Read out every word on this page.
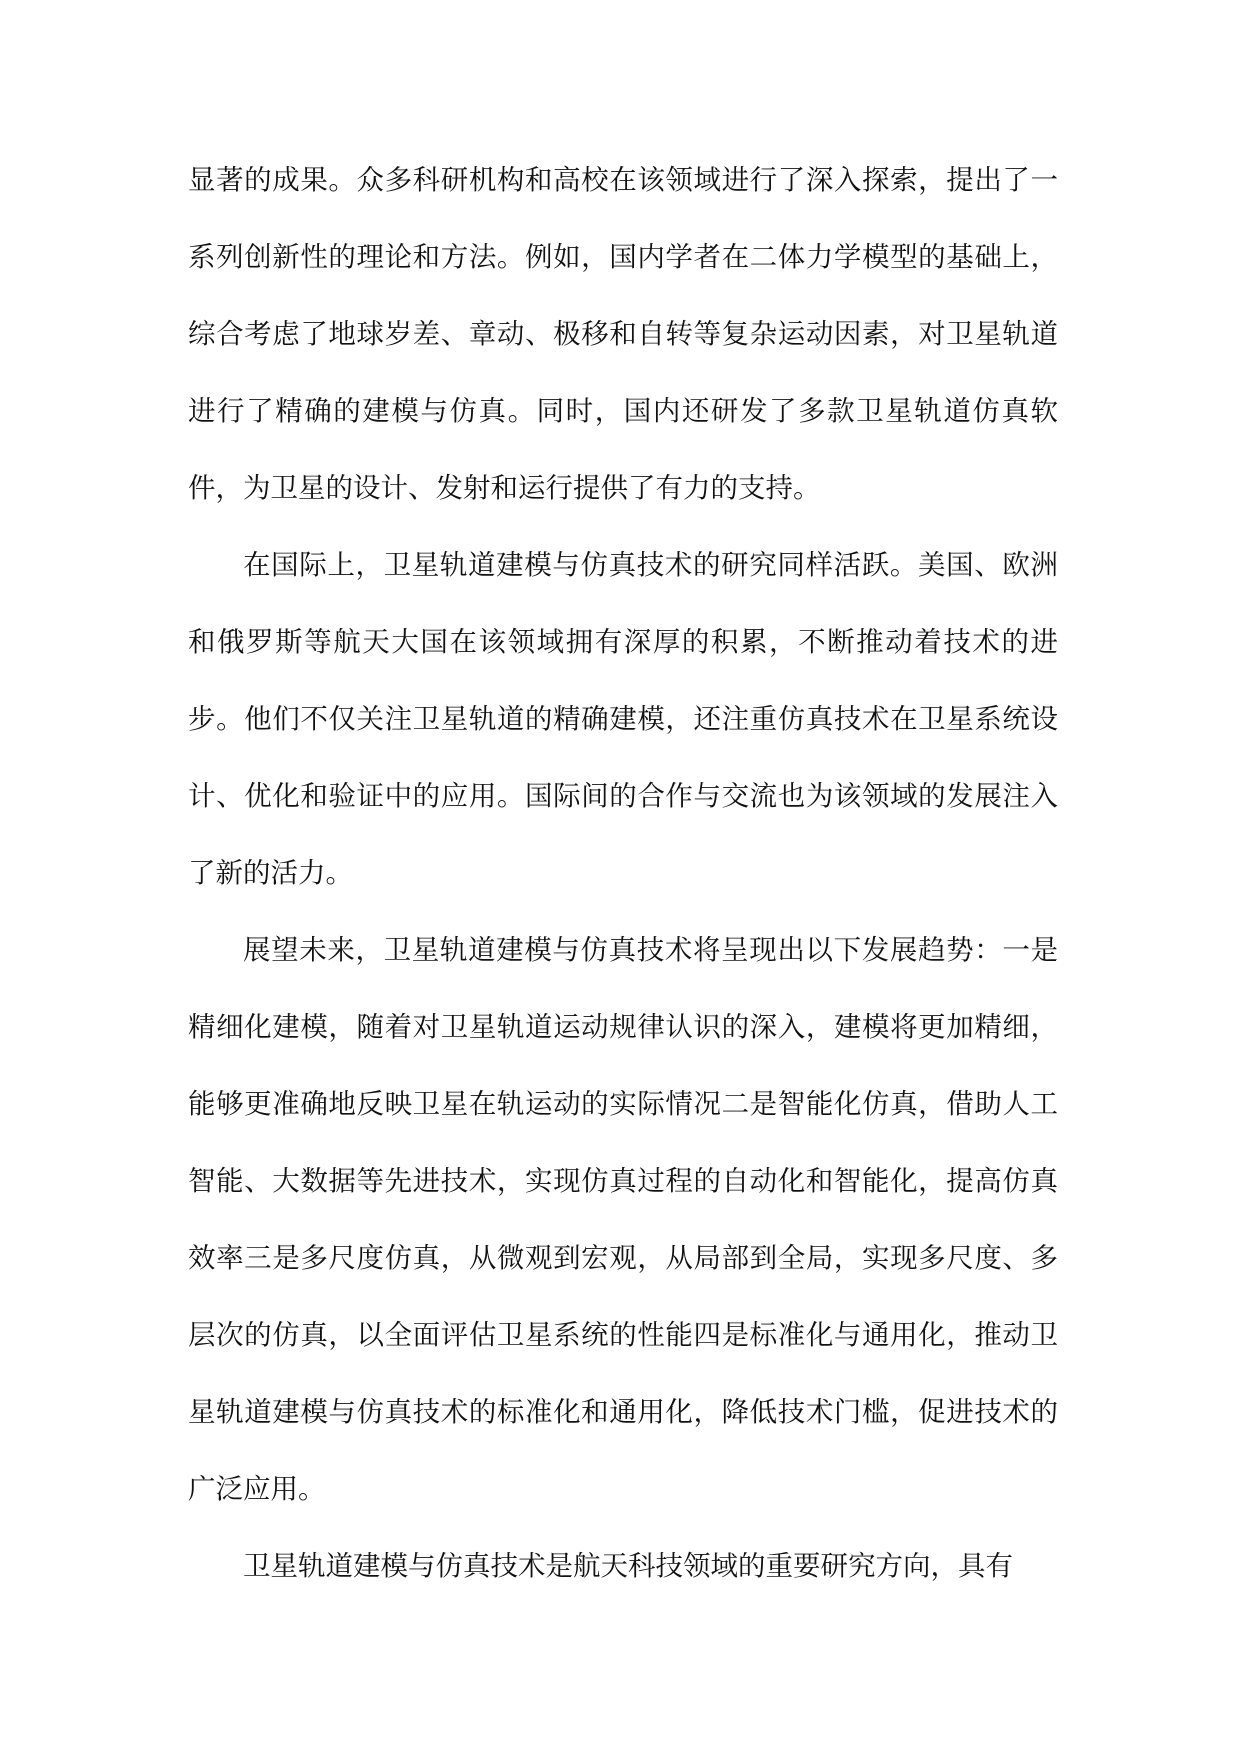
显著的成果。众多科研机构和高校在该领域进行了深入探索，提出了一系列创新性的理论和方法。例如，国内学者在二体力学模型的基础上，综合考虑了地球岁差、章动、极移和自转等复杂运动因素，对卫星轨道进行了精确的建模与仿真。同时，国内还研发了多款卫星轨道仿真软件，为卫星的设计、发射和运行提供了有力的支持。

在国际上，卫星轨道建模与仿真技术的研究同样活跃。美国、欧洲和俄罗斯等航天大国在该领域拥有深厚的积累，不断推动着技术的进步。他们不仅关注卫星轨道的精确建模，还注重仿真技术在卫星系统设计、优化和验证中的应用。国际间的合作与交流也为该领域的发展注入了新的活力。

展望未来，卫星轨道建模与仿真技术将呈现出以下发展趋势：一是精细化建模，随着对卫星轨道运动规律认识的深入，建模将更加精细，能够更准确地反映卫星在轨运动的实际情况二是智能化仿真，借助人工智能、大数据等先进技术，实现仿真过程的自动化和智能化，提高仿真效率三是多尺度仿真，从微观到宏观，从局部到全局，实现多尺度、多层次的仿真，以全面评估卫星系统的性能四是标准化与通用化，推动卫星轨道建模与仿真技术的标准化和通用化，降低技术门槛，促进技术的广泛应用。

卫星轨道建模与仿真技术是航天科技领域的重要研究方向，具有
